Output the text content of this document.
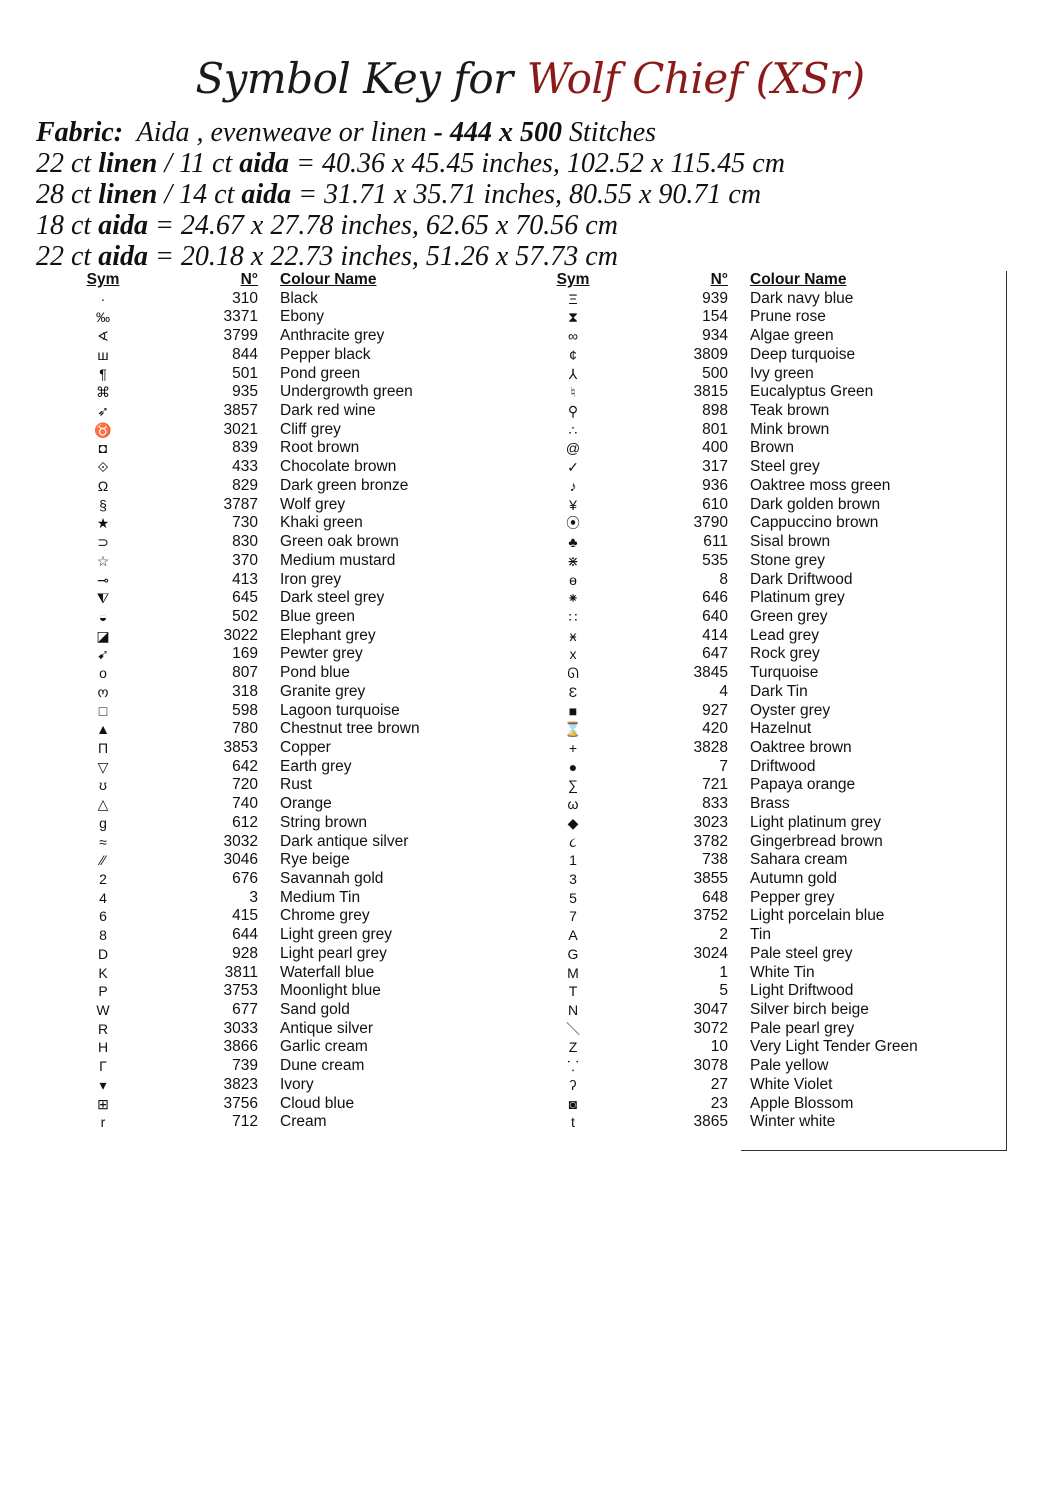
Symbol Key for Wolf Chief (XSr)
Fabric: Aida , evenweave or linen - 444 x 500 Stitches
22 ct linen / 11 ct aida = 40.36 x 45.45 inches, 102.52 x 115.45 cm
28 ct linen / 14 ct aida = 31.71 x 35.71 inches, 80.55 x 90.71 cm
18 ct aida = 24.67 x 27.78 inches, 62.65 x 70.56 cm
22 ct aida = 20.18 x 22.73 inches, 51.26 x 57.73 cm
Sym	N° Colour Name
·	310 Black
‰	3371 Ebony
∢	3799 Anthracite grey
ш	844 Pepper black
¶	501 Pond green
⌘	935 Undergrowth green
➶	3857 Dark red wine
♉	3021 Cliff grey
◘	839 Root brown
⟐	433 Chocolate brown
Ω	829 Dark green bronze
§	3787 Wolf grey
★	730 Khaki green
⊃	830 Green oak brown
☆	370 Medium mustard
⊸	413 Iron grey
⧨	645 Dark steel grey
◒	502 Blue green
◪	3022 Elephant grey
➹	169 Pewter grey
o	807 Pond blue
ო	318 Granite grey
□	598 Lagoon turquoise
▲	780 Chestnut tree brown
Π	3853 Copper
▽	642 Earth grey
ʊ	720 Rust
△	740 Orange
g	612 String brown
≈	3032 Dark antique silver
⁄⁄	3046 Rye beige
2	676 Savannah gold
4	3 Medium Tin
6	415 Chrome grey
8	644 Light green grey
D	928 Light pearl grey
K	3811 Waterfall blue
P	3753 Moonlight blue
W	677 Sand gold
R	3033 Antique silver
H	3866 Garlic cream
Γ	739 Dune cream
▾	3823 Ivory
⊞	3756 Cloud blue
r	712 Cream
Sym	N° Colour Name
Ξ	939 Dark navy blue
⧗	154 Prune rose
∞	934 Algae green
¢	3809 Deep turquoise
⅄	500 Ivy green
♮	3815 Eucalyptus Green
⚲	898 Teak brown
∴	801 Mink brown
@	400 Brown
✓	317 Steel grey
♪	936 Oaktree moss green
¥	610 Dark golden brown
⦿	3790 Cappuccino brown
♣	611 Sisal brown
⋇	535 Stone grey
ɵ	8 Dark Driftwood
⁕	646 Platinum grey
∷	640 Green grey
ӿ	414 Lead grey
x	647 Rock grey
ᘏ	3845 Turquoise
Ɛ	4 Dark Tin
■	927 Oyster grey
⌛	420 Hazelnut
+	3828 Oaktree brown
●	7 Driftwood
∑	721 Papaya orange
ω	833 Brass
◆	3023 Light platinum grey
૮	3782 Gingerbread brown
1	738 Sahara cream
3	3855 Autumn gold
5	648 Pepper grey
7	3752 Light porcelain blue
A	2 Tin
G	3024 Pale steel grey
M	1 White Tin
T	5 Light Driftwood
N	3047 Silver birch beige
＼	3072 Pale pearl grey
Z	10 Very Light Tender Green
⸪	3078 Pale yellow
ʔ	27 White Violet
◙	23 Apple Blossom
t	3865 Winter white
